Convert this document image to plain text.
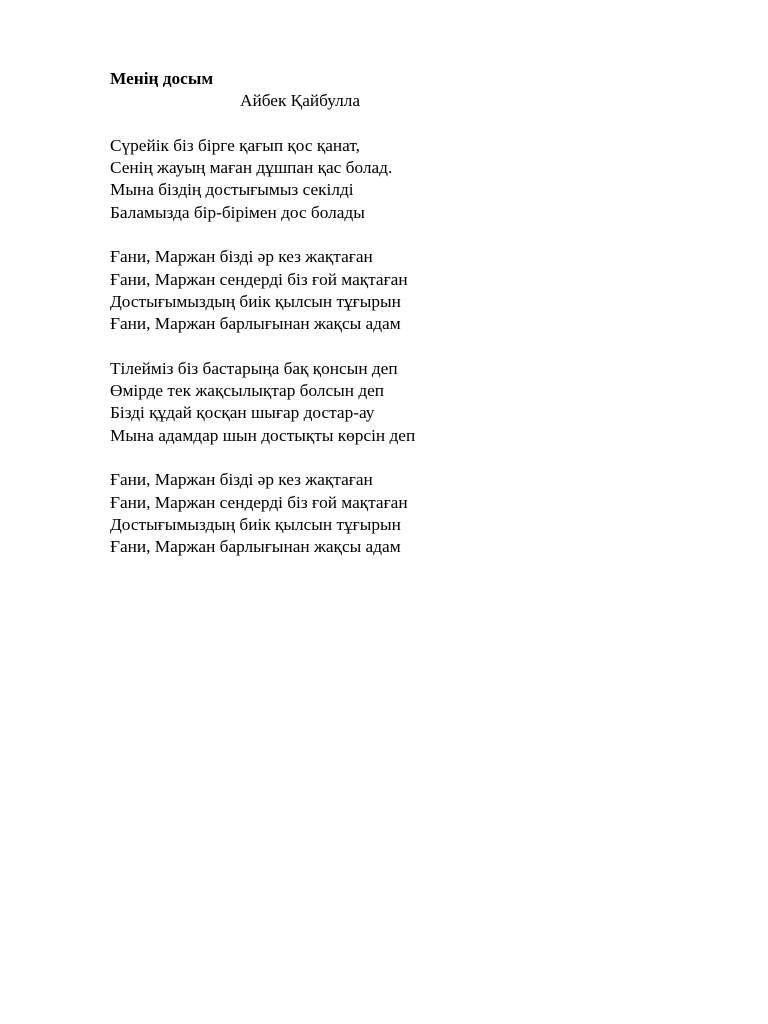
Менің досым
Айбек Қайбулла
Сүрейік біз бірге қағып қос қанат,
Сенің жауың маған дұшпан қас болад.
Мына біздің достығымыз секілді
Баламызда бір-бірімен дос болады
Ғани, Маржан бізді әр кез жақтаған
Ғани, Маржан сендерді біз ғой мақтаған
Достығымыздың биік қылсын тұғырын
Ғани, Маржан барлығынан жақсы адам
Тілейміз біз бастарыңа бақ қонсын деп
Өмірде тек жақсылықтар болсын деп
Бізді құдай қосқан шығар достар-ау
Мына адамдар шын достықты көрсін деп
Ғани, Маржан бізді әр кез жақтаған
Ғани, Маржан сендерді біз ғой мақтаған
Достығымыздың биік қылсын тұғырын
Ғани, Маржан барлығынан жақсы адам
